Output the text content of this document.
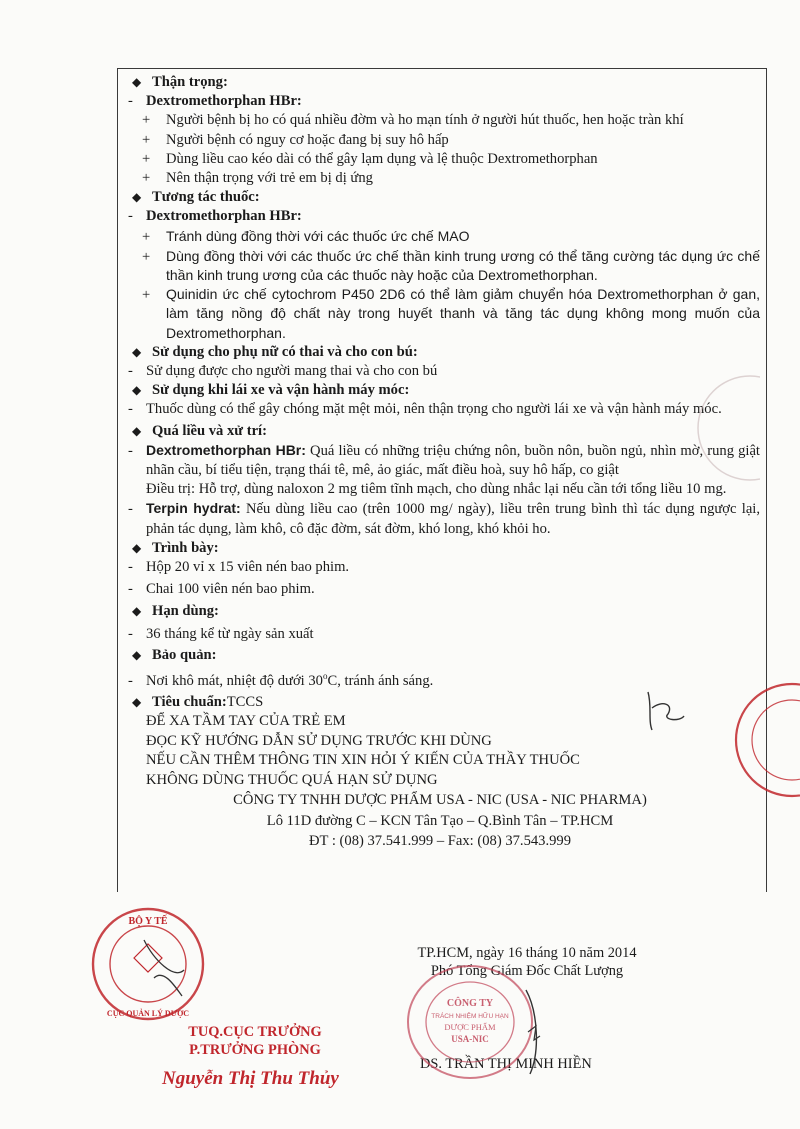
◆ Thận trọng:
- Dextromethorphan HBr:
+	Người bệnh bị ho có quá nhiều đờm và ho mạn tính ở người hút thuốc, hen hoặc tràn khí
+	Người bệnh có nguy cơ hoặc đang bị suy hô hấp
+	Dùng liều cao kéo dài có thể gây lạm dụng và lệ thuộc Dextromethorphan
+	Nên thận trọng với trẻ em bị dị ứng
◆ Tương tác thuốc:
- Dextromethorphan HBr:
+	Tránh dùng đồng thời với các thuốc ức chế MAO
+	Dùng đồng thời với các thuốc ức chế thần kinh trung ương có thể tăng cường tác dụng ức chế thần kinh trung ương của các thuốc này hoặc của Dextromethorphan.
+	Quinidin ức chế cytochrom P450 2D6 có thể làm giảm chuyển hóa Dextromethorphan ở gan, làm tăng nồng độ chất này trong huyết thanh và tăng tác dụng không mong muốn của Dextromethorphan.
◆ Sử dụng cho phụ nữ có thai và cho con bú:
- Sử dụng được cho người mang thai và cho con bú
◆ Sử dụng khi lái xe và vận hành máy móc:
- Thuốc dùng có thể gây chóng mặt mệt mỏi, nên thận trọng cho người lái xe và vận hành máy móc.
◆ Quá liều và xử trí:
- Dextromethorphan HBr: Quá liều có những triệu chứng nôn, buồn nôn, buồn ngủ, nhìn mờ, rung giật nhãn cầu, bí tiểu tiện, trạng thái tê, mê, ảo giác, mất điều hoà, suy hô hấp, co giật
Điều trị: Hỗ trợ, dùng naloxon 2 mg tiêm tĩnh mạch, cho dùng nhắc lại nếu cần tới tổng liều 10 mg.
- Terpin hydrat: Nếu dùng liều cao (trên 1000 mg/ ngày), liều trên trung bình thì tác dụng ngược lại, phản tác dụng, làm khô, cô đặc đờm, sát đờm, khó long, khó khỏi ho.
◆ Trình bày:
- Hộp 20 vỉ x 15 viên nén bao phim.
- Chai 100 viên nén bao phim.
◆ Hạn dùng:
- 36 tháng kể từ ngày sản xuất
◆ Bảo quản:
- Nơi khô mát, nhiệt độ dưới 30$^o$C, tránh ánh sáng.
◆ Tiêu chuẩn: TCCS
ĐỂ XA TẦM TAY CỦA TRẺ EM
ĐỌC KỸ HƯỚNG DẪN SỬ DỤNG TRƯỚC KHI DÙNG
NẾU CẦN THÊM THÔNG TIN XIN HỎI Ý KIẾN CỦA THẦY THUỐC
KHÔNG DÙNG THUỐC QUÁ HẠN SỬ DỤNG
CÔNG TY TNHH DƯỢC PHẨM USA - NIC (USA - NIC PHARMA)
Lô 11D đường C – KCN Tân Tạo – Q.Bình Tân – TP.HCM
ĐT : (08) 37.541.999 – Fax: (08) 37.543.999
TP.HCM, ngày 16 tháng 10 năm 2014
Phó Tổng Giám Đốc Chất Lượng
DS. TRẦN THỊ MINH HIỀN
CÔNG TY
TRÁCH NHIỆM HỮU HẠN
DƯỢC PHẨM
USA-NIC
BỘ Y TẾ
CỤC QUẢN LÝ DƯỢC
TUQ.CỤC TRƯỞNG
P.TRƯỞNG PHÒNG
Nguyễn Thị Thu Thủy
